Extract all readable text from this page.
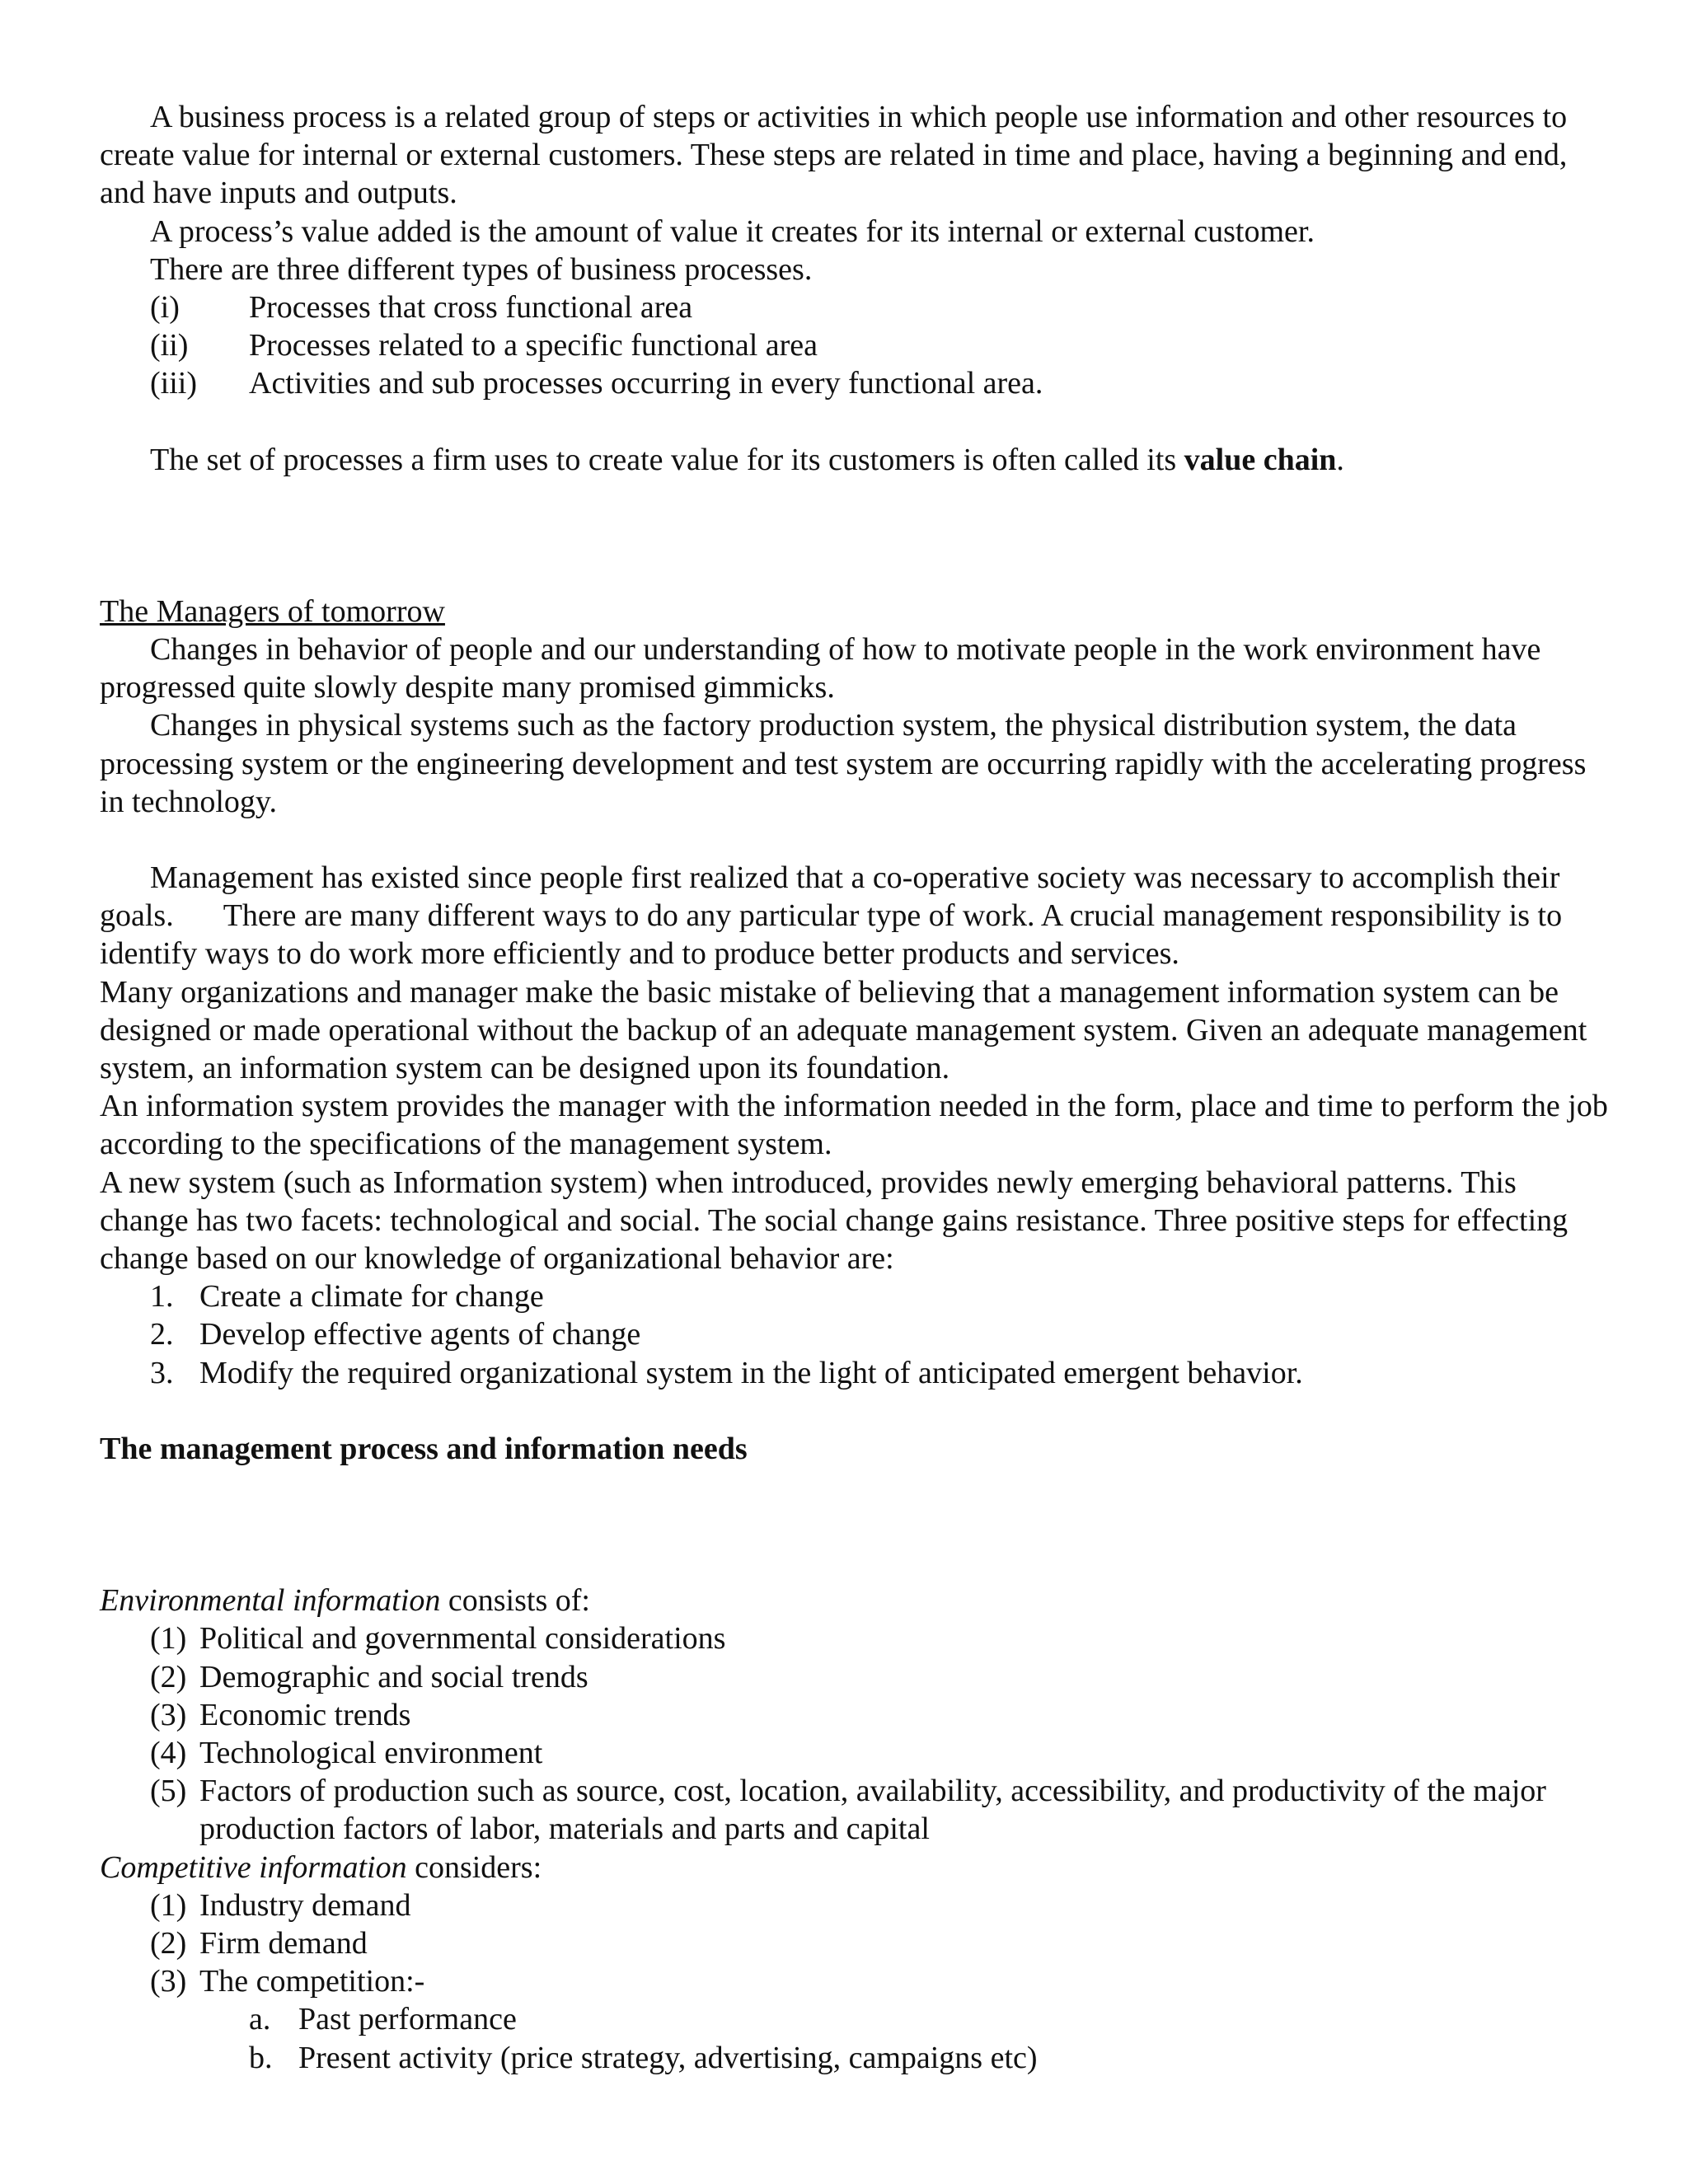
A business process is a related group of steps or activities in which people use information and other resources to create value for internal or external customers. These steps are related in time and place, having a beginning and end, and have inputs and outputs.

A process’s value added is the amount of value it creates for its internal or external customer.

There are three different types of business processes.

(i)	Processes that cross functional area
(ii)	Processes related to a specific functional area
(iii)	Activities and sub processes occurring in every functional area.

The set of processes a firm uses to create value for its customers is often called its value chain.

The Managers of tomorrow

Changes in behavior of people and our understanding of how to motivate people in the work environment have progressed quite slowly despite many promised gimmicks.

Changes in physical systems such as the factory production system, the physical distribution system, the data processing system or the engineering development and test system are occurring rapidly with the accelerating progress in technology.

Management has existed since people first realized that a co-operative society was necessary to accomplish their goals. There are many different ways to do any particular type of work. A crucial management responsibility is to identify ways to do work more efficiently and to produce better products and services.

Many organizations and manager make the basic mistake of believing that a management information system can be designed or made operational without the backup of an adequate management system. Given an adequate management system, an information system can be designed upon its foundation.

An information system provides the manager with the information needed in the form, place and time to perform the job according to the specifications of the management system.

A new system (such as Information system) when introduced, provides newly emerging behavioral patterns. This change has two facets: technological and social. The social change gains resistance. Three positive steps for effecting change based on our knowledge of organizational behavior are:

1. Create a climate for change
2. Develop effective agents of change
3. Modify the required organizational system in the light of anticipated emergent behavior.

The management process and information needs

Environmental information consists of:

(1) Political and governmental considerations
(2) Demographic and social trends
(3) Economic trends
(4) Technological environment
(5) Factors of production such as source, cost, location, availability, accessibility, and productivity of the major production factors of labor, materials and parts and capital

Competitive information considers:

(1) Industry demand
(2) Firm demand
(3) The competition:-
a. Past performance
b. Present activity (price strategy, advertising, campaigns etc)
